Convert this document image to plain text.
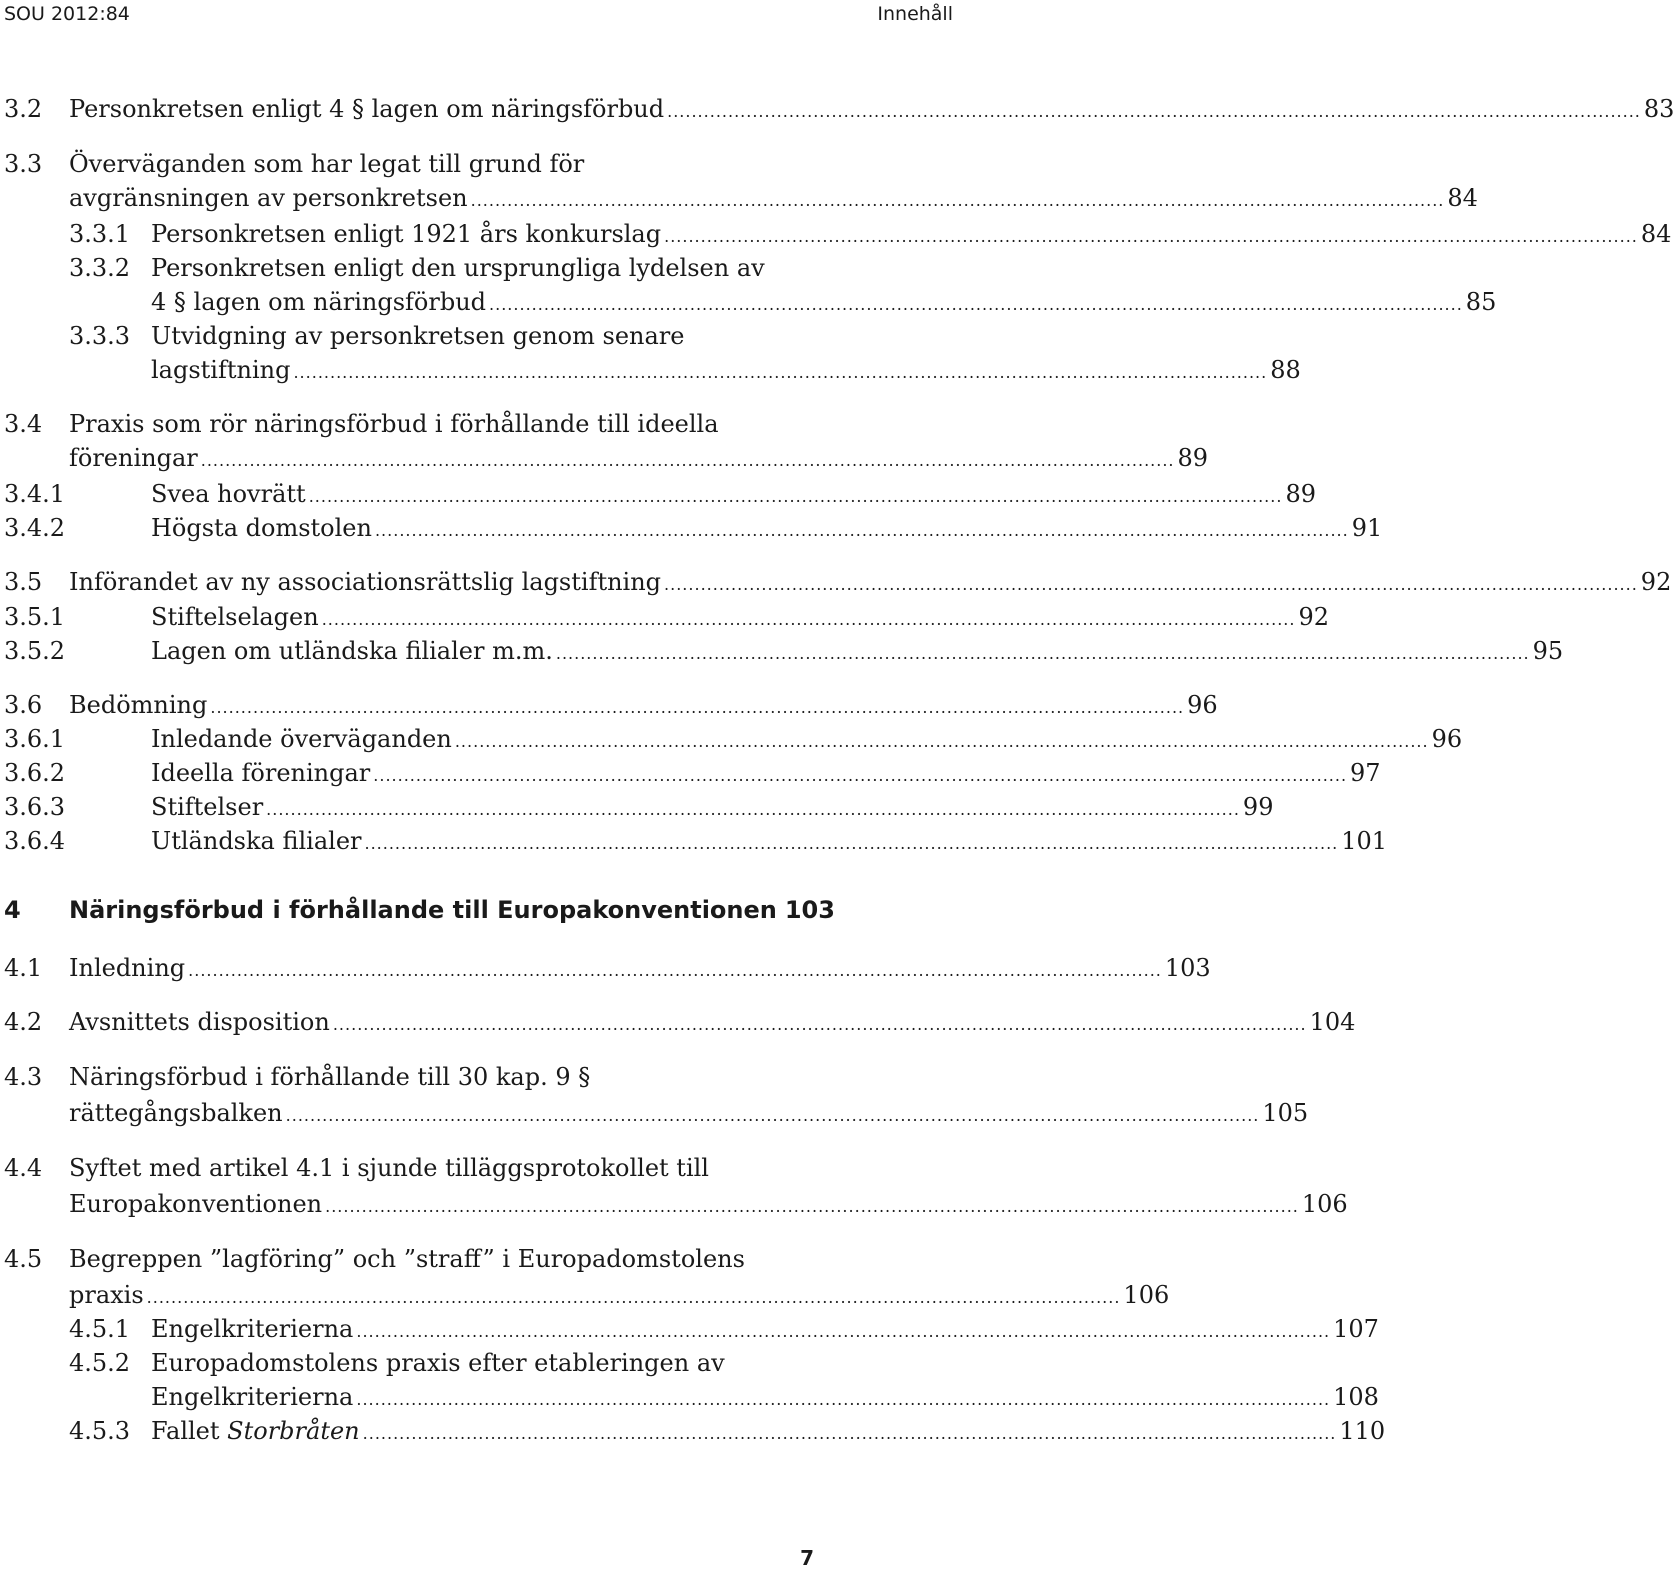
SOU 2012:84	Innehåll
3.2 Personkretsen enligt 4 § lagen om näringsförbud ................................................................................................................................................................ 83
3.3 Överväganden som har legat till grund för
avgränsningen av personkretsen ................................................................................................................................................................ 84
3.3.1 Personkretsen enligt 1921 års konkurslag ................................................................................................................................................................ 84
3.3.2 Personkretsen enligt den ursprungliga lydelsen av
4 § lagen om näringsförbud ................................................................................................................................................................ 85
3.3.3 Utvidgning av personkretsen genom senare
lagstiftning ................................................................................................................................................................ 88
3.4 Praxis som rör näringsförbud i förhållande till ideella
föreningar ................................................................................................................................................................ 89
3.4.1	Svea hovrätt ................................................................................................................................................................ 89
3.4.2	Högsta domstolen ................................................................................................................................................................ 91
3.5 Införandet av ny associationsrättslig lagstiftning ................................................................................................................................................................ 92
3.5.1	Stiftelselagen ................................................................................................................................................................ 92
3.5.2	Lagen om utländska filialer m.m. ................................................................................................................................................................ 95
3.6 Bedömning ................................................................................................................................................................ 96
3.6.1	Inledande överväganden ................................................................................................................................................................ 96
3.6.2	Ideella föreningar ................................................................................................................................................................ 97
3.6.3	Stiftelser ................................................................................................................................................................ 99
3.6.4	Utländska filialer ................................................................................................................................................................ 101
4 Näringsförbud i förhållande till Europakonventionen 103
4.1 Inledning ................................................................................................................................................................ 103
4.2 Avsnittets disposition ................................................................................................................................................................ 104
4.3 Näringsförbud i förhållande till 30 kap. 9 §
rättegångsbalken ................................................................................................................................................................ 105
4.4 Syftet med artikel 4.1 i sjunde tilläggsprotokollet till
Europakonventionen ................................................................................................................................................................ 106
4.5 Begreppen ”lagföring” och ”straff” i Europadomstolens
praxis ................................................................................................................................................................ 106
4.5.1 Engelkriterierna ................................................................................................................................................................ 107
4.5.2 Europadomstolens praxis efter etableringen av
Engelkriterierna ................................................................................................................................................................ 108
4.5.3 Fallet Storbråten ................................................................................................................................................................ 110
7
